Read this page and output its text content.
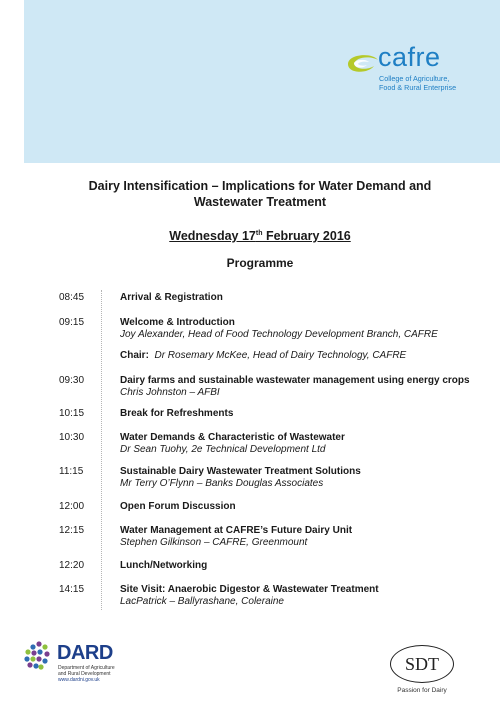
cafre
College of Agriculture,
Food & Rural Enterprise
Dairy Intensification – Implications for Water Demand and
Wastewater Treatment
Wednesday 17th February 2016
Programme
08:45	Arrival & Registration
09:15	Welcome & Introduction
Joy Alexander, Head of Food Technology Development Branch, CAFRE
Chair: Dr Rosemary McKee, Head of Dairy Technology, CAFRE
09:30	Dairy farms and sustainable wastewater management using energy crops
Chris Johnston – AFBI
10:15	Break for Refreshments
10:30	Water Demands & Characteristic of Wastewater
Dr Sean Tuohy, 2e Technical Development Ltd
11:15	Sustainable Dairy Wastewater Treatment Solutions
Mr Terry O’Flynn – Banks Douglas Associates
12:00	Open Forum Discussion
12:15	Water Management at CAFRE’s Future Dairy Unit
Stephen Gilkinson – CAFRE, Greenmount
12:20	Lunch/Networking
14:15	Site Visit: Anaerobic Digestor & Wastewater Treatment
LacPatrick – Ballyrashane, Coleraine
DARD
Department of Agriculture
and Rural Development
www.dardni.gov.uk
SDT
Passion for Dairy
